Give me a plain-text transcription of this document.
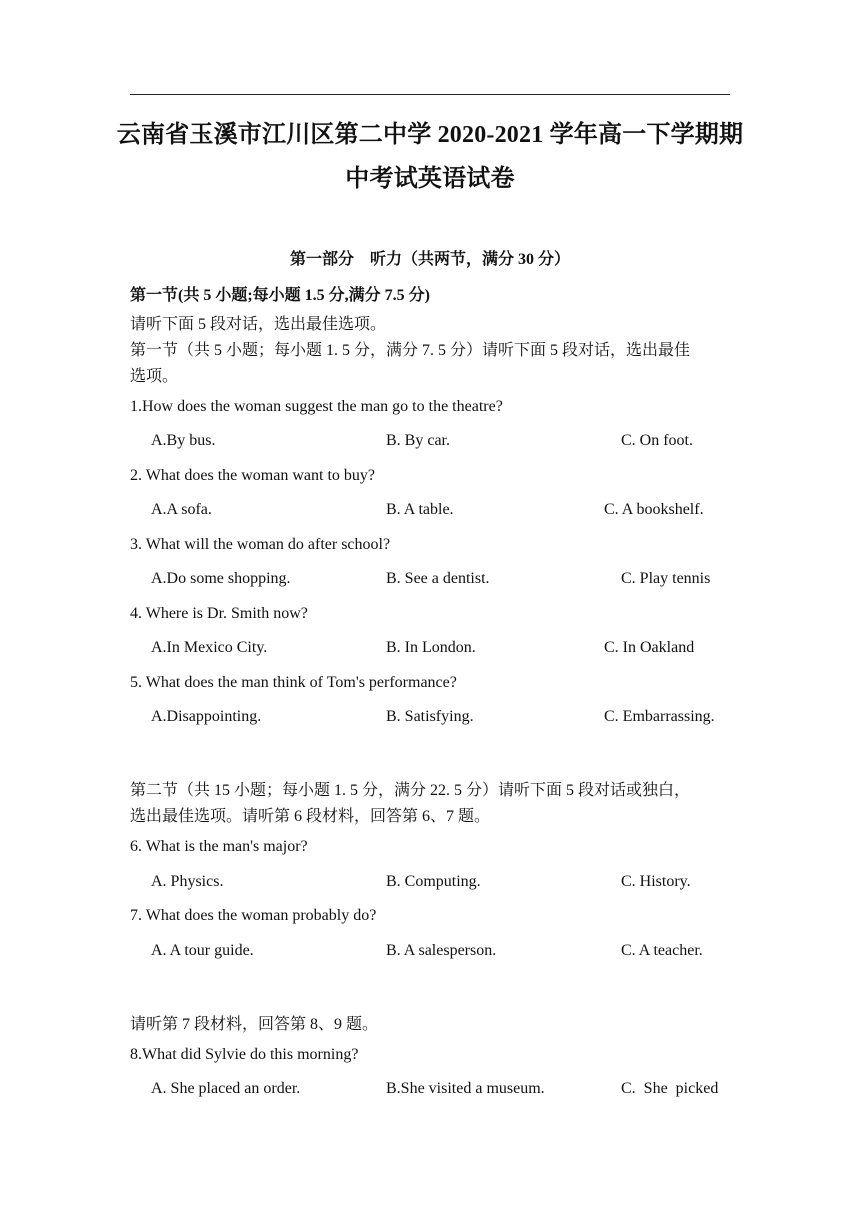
云南省玉溪市江川区第二中学 2020-2021 学年高一下学期期
中考试英语试卷
第一部分　听力（共两节，满分 30 分）
第一节(共 5 小题;每小题 1.5 分,满分 7.5 分)
请听下面 5 段对话，选出最佳选项。
第一节（共 5 小题；每小题 1. 5 分，满分 7. 5 分）请听下面 5 段对话，选出最佳
选项。
1.How does the woman suggest the man go to the theatre?
A.By bus.	B. By car.	C. On foot.
2. What does the woman want to buy?
A.A sofa.	B. A table.	C. A bookshelf.
3. What will the woman do after school?
A.Do some shopping.	B. See a dentist.	C. Play tennis
4. Where is Dr. Smith now?
A.In Mexico City.	B. In London.	C. In Oakland
5. What does the man think of Tom's performance?
A.Disappointing.	B. Satisfying.	C. Embarrassing.
第二节（共 15 小题；每小题 1. 5 分，满分 22. 5 分）请听下面 5 段对话或独白，
选出最佳选项。请听第 6 段材料，回答第 6、7 题。
6. What is the man's major?
A. Physics.	B. Computing.	C. History.
7. What does the woman probably do?
A. A tour guide.	B. A salesperson.	C. A teacher.
请听第 7 段材料，回答第 8、9 题。
8.What did Sylvie do this morning?
A. She placed an order.	B.She visited a museum.	C.  She  picked
